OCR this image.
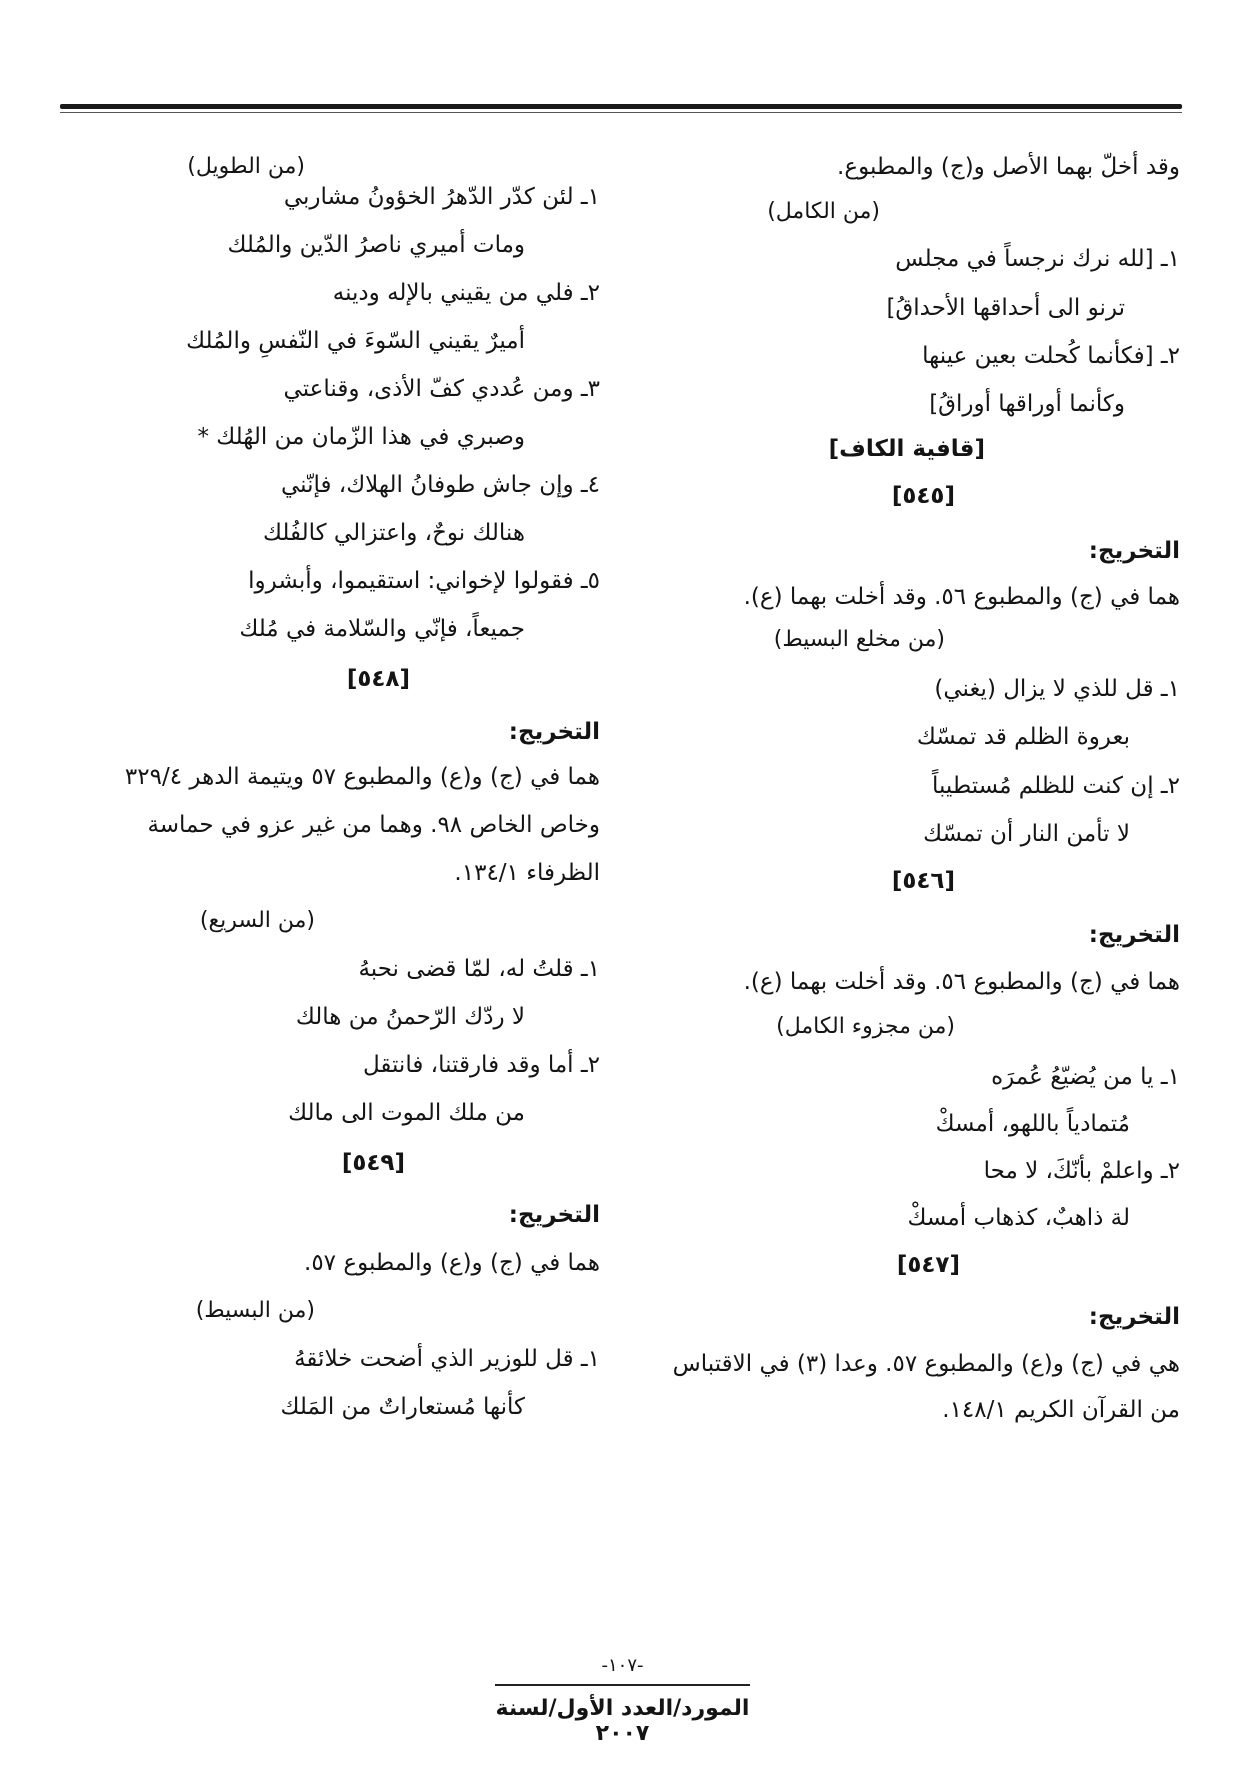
وقد أخلّ بهما الأصل و(ج) والمطبوع.
(من الكامل)
١ـ [لله نرك نرجساً في مجلس
ترنو الى أحداقها الأحداقُ]
٢ـ [فكأنما كُحلت بعين عينها
وكأنما أوراقها أوراقُ]
[قافية الكاف]
[٥٤٥]
التخريج:
هما في (ج) والمطبوع ٥٦. وقد أخلت بهما (ع).
(من مخلع البسيط)
١ـ قل للذي لا يزال (يغني)
بعروة الظلم قد تمسّك
٢ـ إن كنت للظلم مُستطيباً
لا تأمن النار أن تمسّك
[٥٤٦]
التخريج:
هما في (ج) والمطبوع ٥٦. وقد أخلت بهما (ع).
(من مجزوء الكامل)
١ـ يا من يُضيّعُ عُمرَه
مُتمادياً باللهو، أمسكْ
٢ـ واعلمْ بأنّكَ، لا محا
لة ذاهبٌ، كذهاب أمسكْ
[٥٤٧]
التخريج:
هي في (ج) و(ع) والمطبوع ٥٧. وعدا (٣) في الاقتباس
من القرآن الكريم ١٤٨/١.
(من الطويل)
١ـ لئن كدّر الدّهرُ الخؤونُ مشاربي
ومات أميري ناصرُ الدّين والمُلك
٢ـ فلي من يقيني بالإله ودينه
أميرٌ يقيني السّوءَ في النّفسِ والمُلك
٣ـ ومن عُددي كفّ الأذى، وقناعتي
وصبري في هذا الزّمان من الهُلك *
٤ـ وإن جاش طوفانُ الهلاك، فإنّني
هنالك نوحٌ، واعتزالي كالفُلك
٥ـ فقولوا لإخواني: استقيموا، وأبشروا
جميعاً، فإنّي والسّلامة في مُلك
[٥٤٨]
التخريج:
هما في (ج) و(ع) والمطبوع ٥٧ ويتيمة الدهر ٣٢٩/٤
وخاص الخاص ٩٨. وهما من غير عزو في حماسة
الظرفاء ١٣٤/١.
(من السريع)
١ـ قلتُ له، لمّا قضى نحبهُ
لا ردّك الرّحمنُ من هالك
٢ـ أما وقد فارقتنا، فانتقل
من ملك الموت الى مالك
[٥٤٩]
التخريج:
هما في (ج) و(ع) والمطبوع ٥٧.
(من البسيط)
١ـ قل للوزير الذي أضحت خلائقهُ
كأنها مُستعاراتٌ من المَلك
-١٠٧-
المورد/العدد الأول/لسنة ٢٠٠٧
